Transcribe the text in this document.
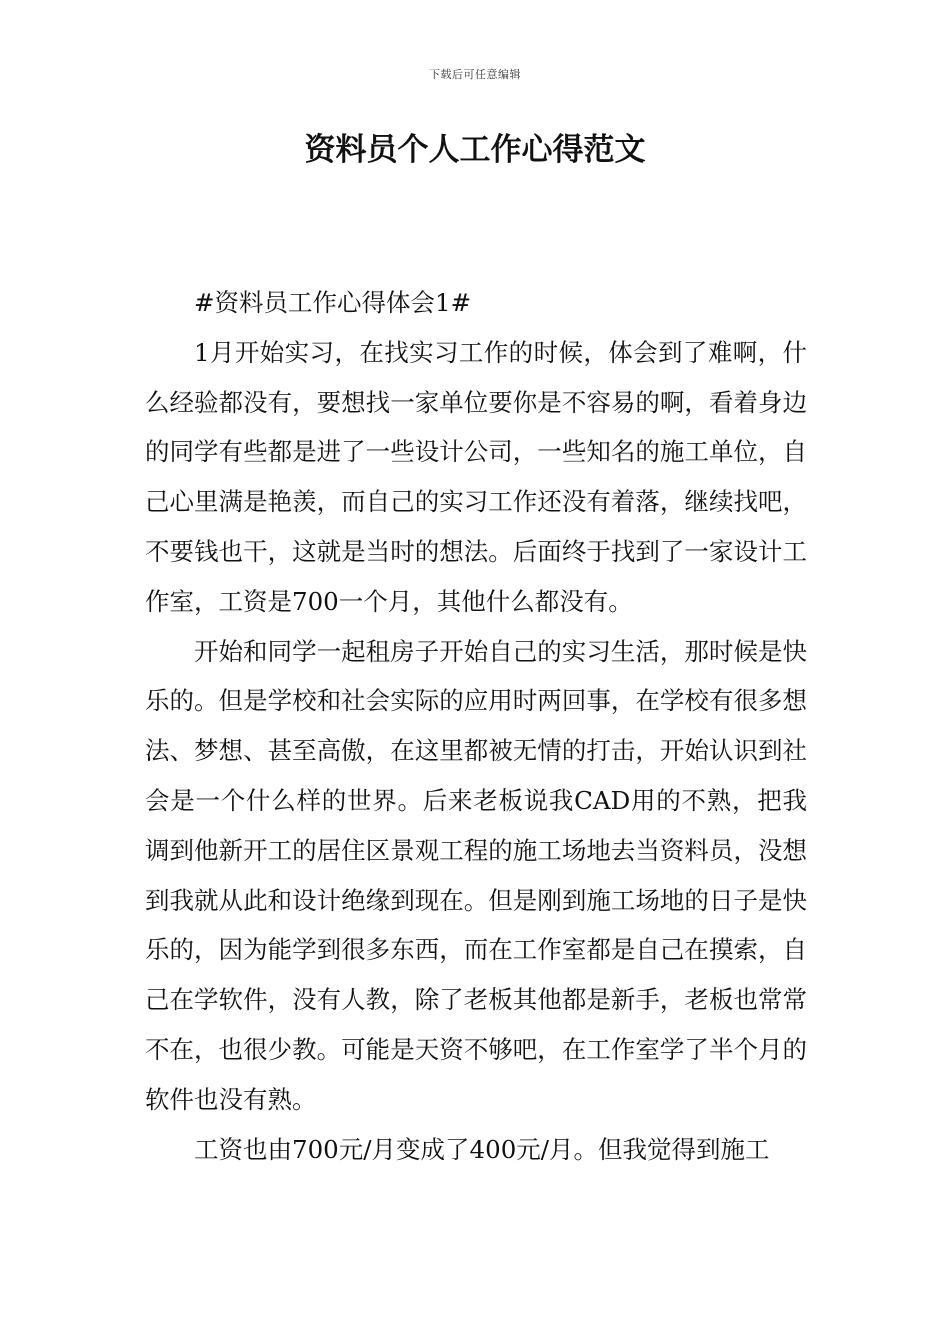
下载后可任意编辑
资料员个人工作心得范文

#资料员工作心得体会1#

1月开始实习，在找实习工作的时候，体会到了难啊，什么经验都没有，要想找一家单位要你是不容易的啊，看着身边的同学有些都是进了一些设计公司，一些知名的施工单位，自己心里满是艳羡，而自己的实习工作还没有着落，继续找吧，不要钱也干，这就是当时的想法。后面终于找到了一家设计工作室，工资是700一个月，其他什么都没有。

开始和同学一起租房子开始自己的实习生活，那时候是快乐的。但是学校和社会实际的应用时两回事，在学校有很多想法、梦想、甚至高傲，在这里都被无情的打击，开始认识到社会是一个什么样的世界。后来老板说我CAD用的不熟，把我调到他新开工的居住区景观工程的施工场地去当资料员，没想到我就从此和设计绝缘到现在。但是刚到施工场地的日子是快乐的，因为能学到很多东西，而在工作室都是自己在摸索，自己在学软件，没有人教，除了老板其他都是新手，老板也常常不在，也很少教。可能是天资不够吧，在工作室学了半个月的软件也没有熟。

工资也由700元/月变成了400元/月。但我觉得到施工
